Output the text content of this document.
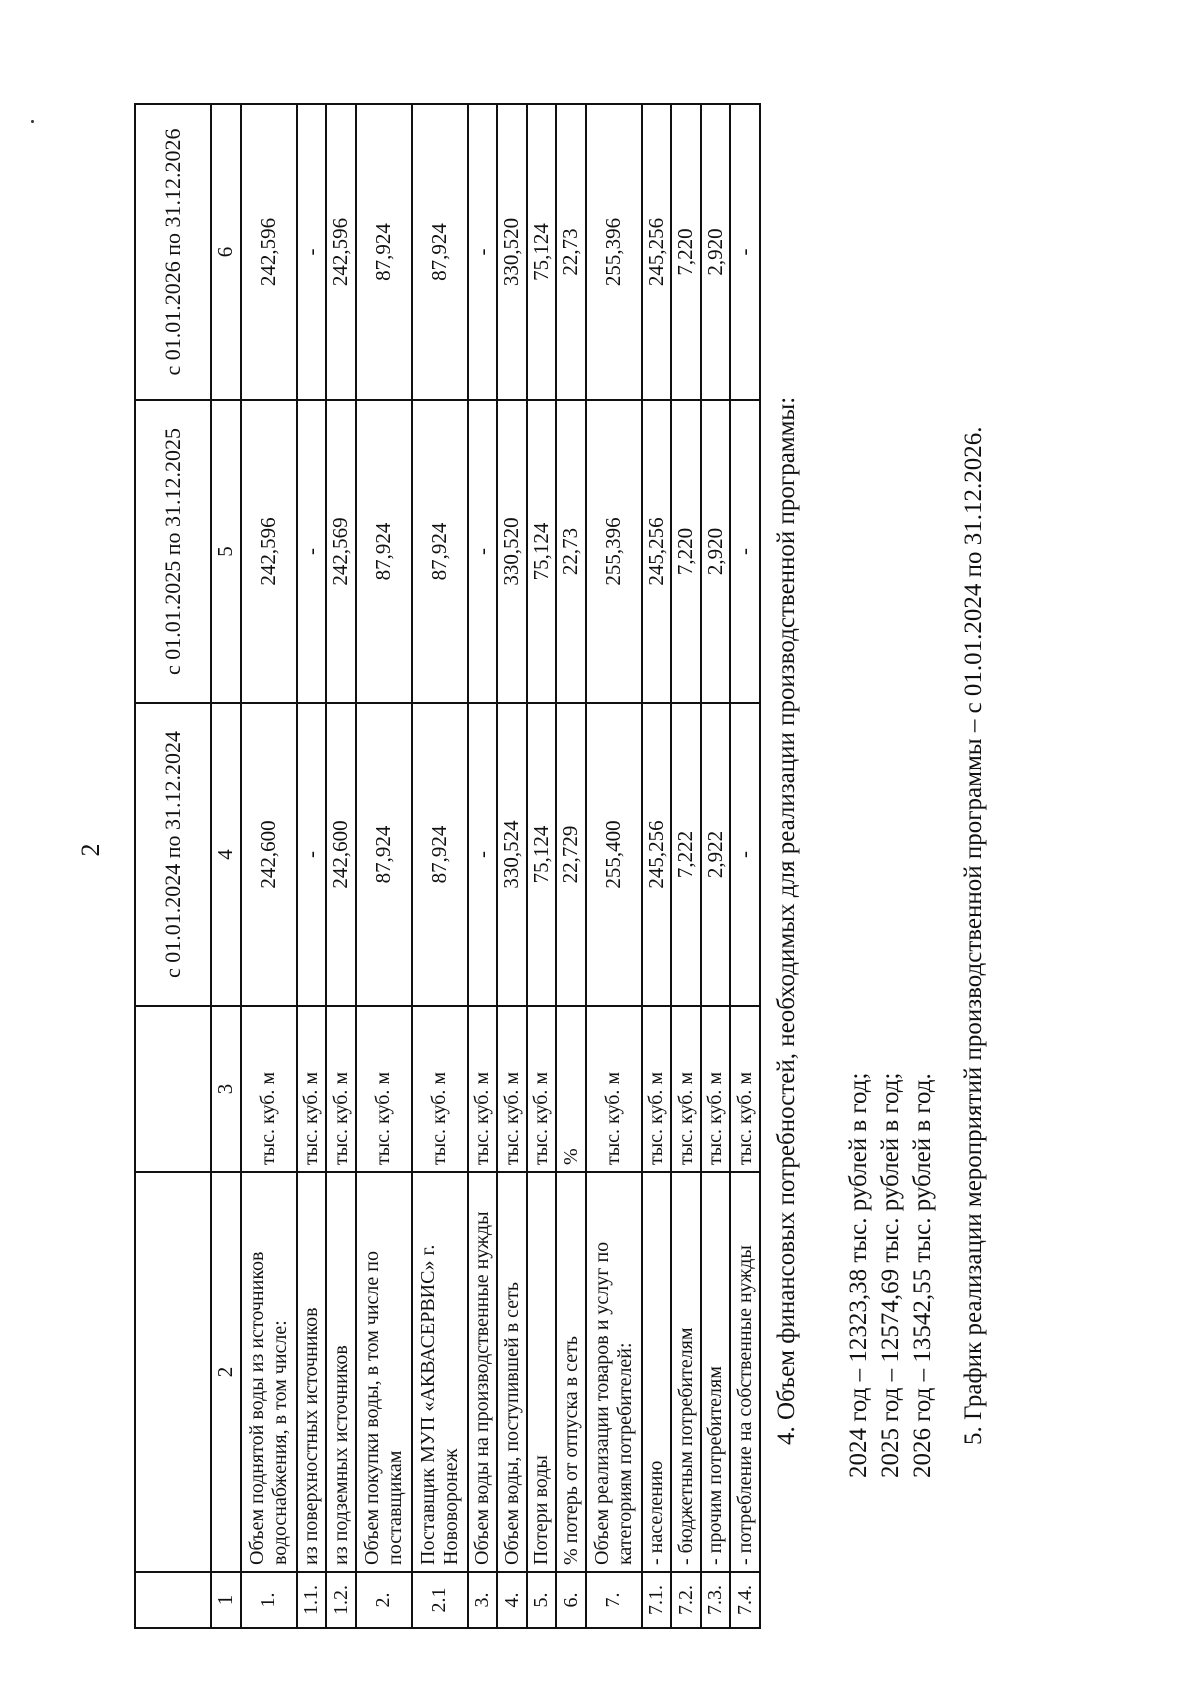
2
			с 01.01.2024 по 31.12.2024	с 01.01.2025 по 31.12.2025	с 01.01.2026 по 31.12.2026
1	2	3	4	5	6
1.	Объем поднятой воды из источников водоснабжения, в том числе:	тыс. куб. м	242,600	242,596	242,596
1.1.	из поверхностных источников	тыс. куб. м	-	-	-
1.2.	из подземных источников	тыс. куб. м	242,600	242,569	242,596
2.	Объем покупки воды, в том числе по поставщикам	тыс. куб. м	87,924	87,924	87,924
2.1	Поставщик МУП «АКВАСЕРВИС» г. Нововоронеж	тыс. куб. м	87,924	87,924	87,924
3.	Объем воды на производственные нужды	тыс. куб. м	-	-	-
4.	Объем воды, поступившей в сеть	тыс. куб. м	330,524	330,520	330,520
5.	Потери воды	тыс. куб. м	75,124	75,124	75,124
6.	% потерь от отпуска в сеть	%	22,729	22,73	22,73
7.	Объем реализации товаров и услуг по категориям потребителей:	тыс. куб. м	255,400	255,396	255,396
7.1.	- населению	тыс. куб. м	245,256	245,256	245,256
7.2.	- бюджетным потребителям	тыс. куб. м	7,222	7,220	7,220
7.3.	- прочим потребителям	тыс. куб. м	2,922	2,920	2,920
7.4.	- потребление на собственные нужды	тыс. куб. м	-	-	-
4. Объем финансовых потребностей, необходимых для реализации производственной программы: 2024 год – 12323,38 тыс. рублей в год; 2025 год – 12574,69 тыс. рублей в год; 2026 год – 13542,55 тыс. рублей в год. 5. График реализации мероприятий производственной программы – с 01.01.2024 по 31.12.2026.
